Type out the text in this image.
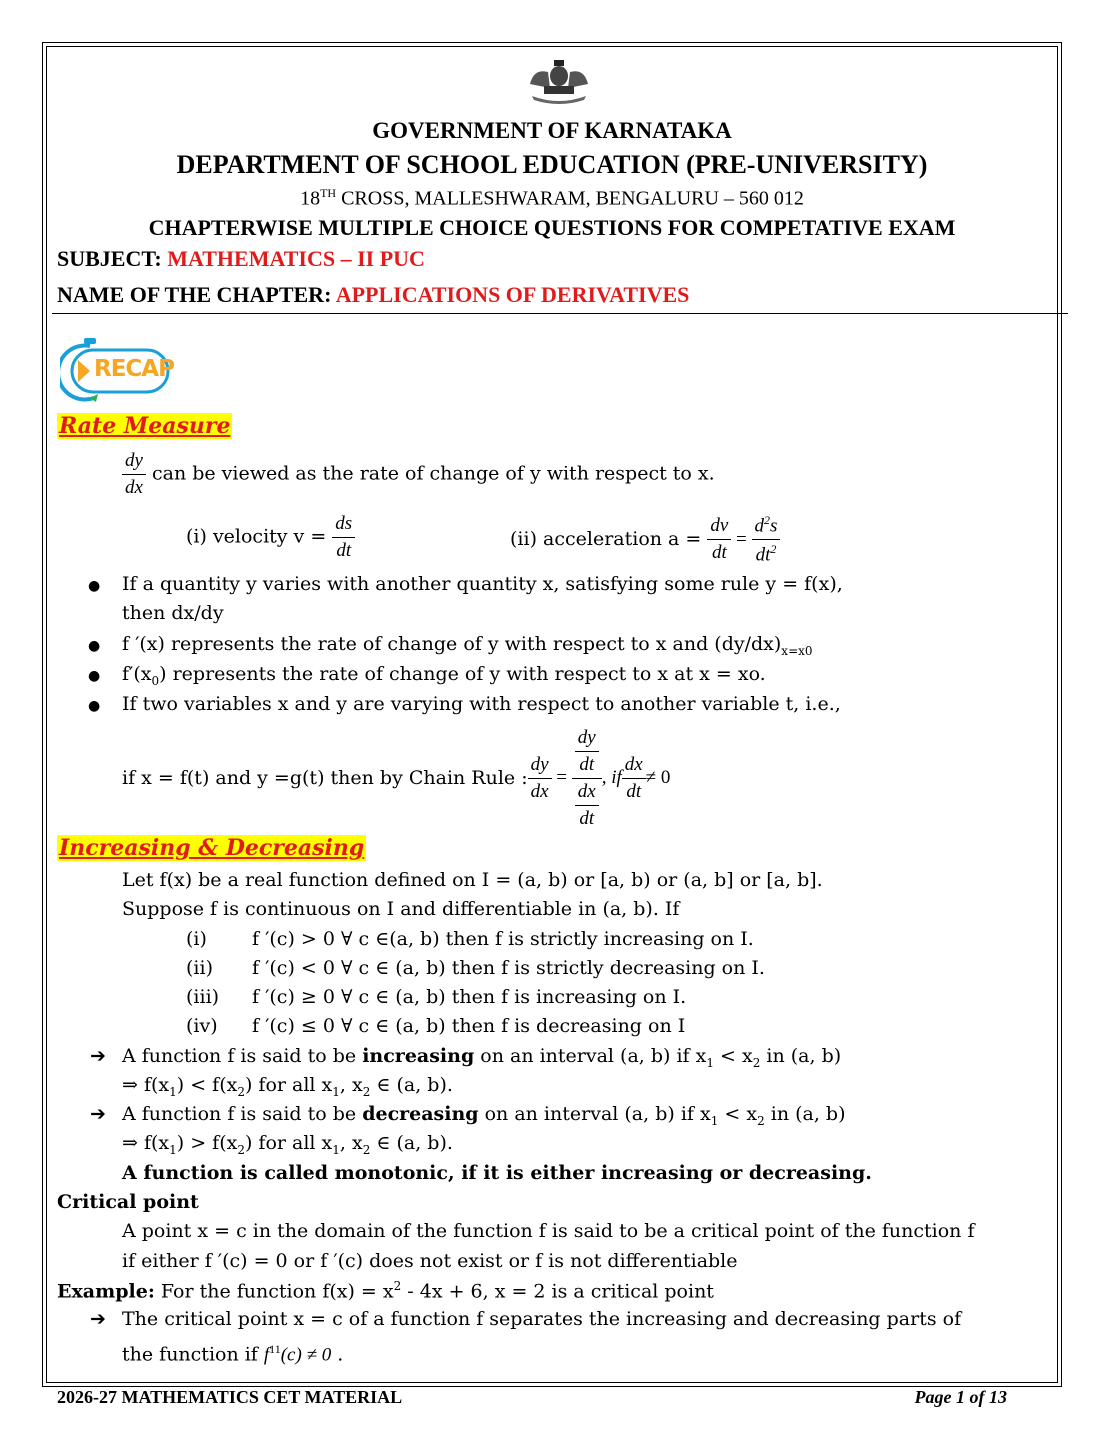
GOVERNMENT OF KARNATAKA
DEPARTMENT OF SCHOOL EDUCATION (PRE-UNIVERSITY)
18TH CROSS, MALLESHWARAM, BENGALURU – 560 012
CHAPTERWISE MULTIPLE CHOICE QUESTIONS FOR COMPETATIVE EXAM
SUBJECT: MATHEMATICS – II PUC
NAME OF THE CHAPTER: APPLICATIONS OF DERIVATIVES
RECAP
Rate Measure
$\frac{dy}{dx}$ can be viewed as the rate of change of y with respect to x.
(i) velocity $v = \frac{ds}{dt}$	(ii) acceleration $a = \frac{dv}{dt} = \frac{d^2s}{dt^2}$
● If a quantity y varies with another quantity x, satisfying some rule y = f(x),
then dx/dy
● f ′(x) represents the rate of change of y with respect to x and $(dy/dx)_{x=x0}$
● $f'(x_0)$ represents the rate of change of y with respect to x at x = xo.
● If two variables x and y are varying with respect to another variable t, i.e.,
if x = f(t) and y =g(t) then by Chain Rule : $\frac{dy}{dx} = \frac{\frac{dy}{dt}}{\frac{dx}{dt}}$ , if $\frac{dx}{dt} \ne 0$
Increasing & Decreasing
Let f(x) be a real function defined on I = (a, b) or [a, b) or (a, b] or [a, b].
Suppose f is continuous on I and differentiable in (a, b). If
(i) f ′(c) > 0 ∀ c ∈(a, b) then f is strictly increasing on I.
(ii) f ′(c) < 0 ∀ c ∈ (a, b) then f is strictly decreasing on I.
(iii) f ′(c) ≥ 0 ∀ c ∈ (a, b) then f is increasing on I.
(iv) f ′(c) ≤ 0 ∀ c ∈ (a, b) then f is decreasing on I
➔ A function f is said to be increasing on an interval (a, b) if $x_1 < x_2$ in (a, b)
⇒ $f(x_1) < f(x_2)$ for all $x_1$, $x_2$ ∈ (a, b).
➔ A function f is said to be decreasing on an interval (a, b) if $x_1 < x_2$ in (a, b)
⇒ $f(x_1) > f(x_2)$ for all $x_1$, $x_2$ ∈ (a, b).
A function is called monotonic, if it is either increasing or decreasing.
Critical point
A point x = c in the domain of the function f is said to be a critical point of the function f
if either f ′(c) = 0 or f ′(c) does not exist or f is not differentiable
Example: For the function $f(x) = x^2 - 4x + 6$, x = 2 is a critical point
➔ The critical point x = c of a function f separates the increasing and decreasing parts of
the function if $f^{11}(c) \ne 0$ .
2026-27 MATHEMATICS CET MATERIAL	Page 1 of 13
